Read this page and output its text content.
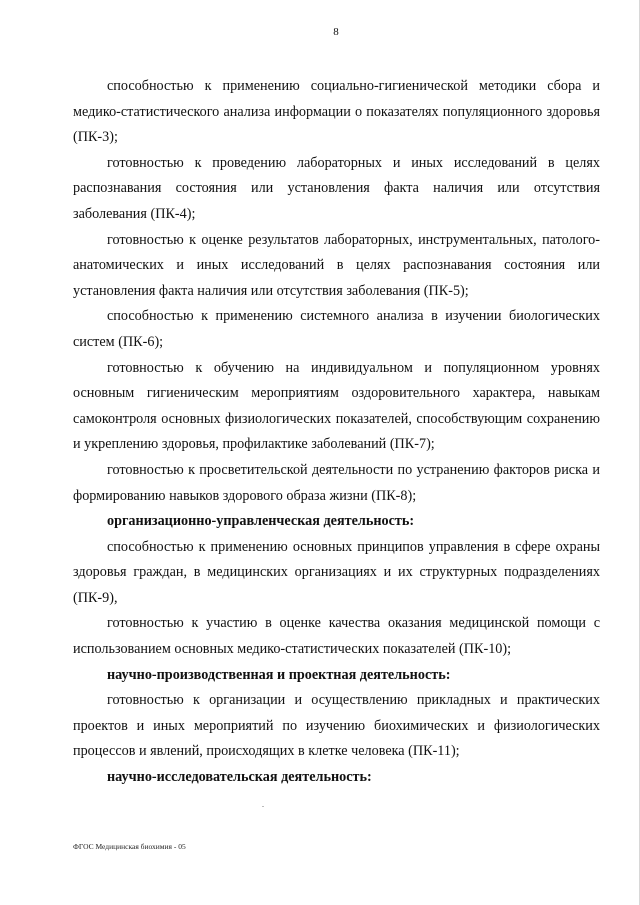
8

способностью к применению социально-гигиенической методики сбора и медико-статистического анализа информации о показателях популяционного здоровья (ПК-3);

готовностью к проведению лабораторных и иных исследований в целях распознавания состояния или установления факта наличия или отсутствия заболевания (ПК-4);

готовностью к оценке результатов лабораторных, инструментальных, патолого-анатомических и иных исследований в целях распознавания состояния или установления факта наличия или отсутствия заболевания (ПК-5);

способностью к применению системного анализа в изучении биологических систем (ПК-6);

готовностью к обучению на индивидуальном и популяционном уровнях основным гигиеническим мероприятиям оздоровительного характера, навыкам самоконтроля основных физиологических показателей, способствующим сохранению и укреплению здоровья, профилактике заболеваний (ПК-7);

готовностью к просветительской деятельности по устранению факторов риска и формированию навыков здорового образа жизни (ПК-8);

организационно-управленческая деятельность:

способностью к применению основных принципов управления в сфере охраны здоровья граждан, в медицинских организациях и их структурных подразделениях (ПК-9),

готовностью к участию в оценке качества оказания медицинской помощи с использованием основных медико-статистических показателей (ПК-10);

научно-производственная и проектная деятельность:

готовностью к организации и осуществлению прикладных и практических проектов и иных мероприятий по изучению биохимических и физиологических процессов и явлений, происходящих в клетке человека (ПК-11);

научно-исследовательская деятельность:

ФГОС Медицинская биохимия - 05
